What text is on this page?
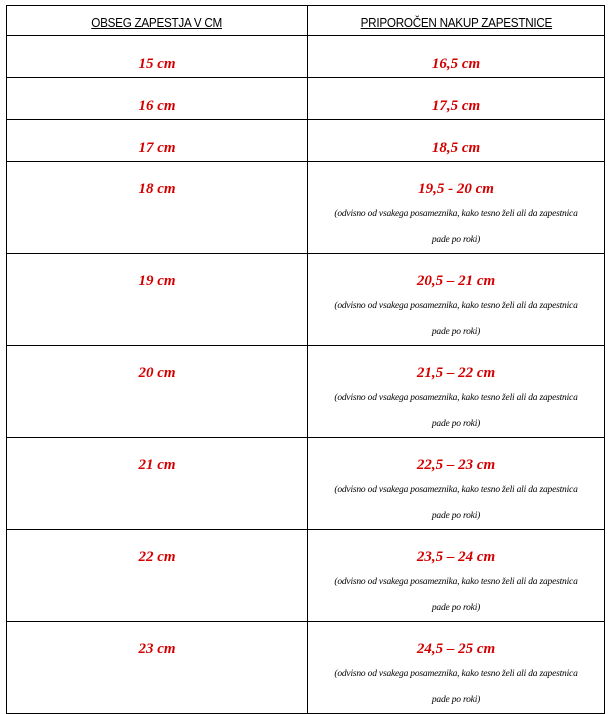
OBSEG ZAPESTJA V CM	PRIPOROČEN NAKUP ZAPESTNICE

15 cm	16,5 cm

16 cm	17,5 cm

17 cm	18,5 cm

18 cm	19,5 - 20 cm
(odvisno od vsakega posameznika, kako tesno želi ali da zapestnica pade po roki)

19 cm	20,5 – 21 cm
(odvisno od vsakega posameznika, kako tesno želi ali da zapestnica pade po roki)

20 cm	21,5 – 22 cm
(odvisno od vsakega posameznika, kako tesno želi ali da zapestnica pade po roki)

21 cm	22,5 – 23 cm
(odvisno od vsakega posameznika, kako tesno želi ali da zapestnica pade po roki)

22 cm	23,5 – 24 cm
(odvisno od vsakega posameznika, kako tesno želi ali da zapestnica pade po roki)

23 cm	24,5 – 25 cm
(odvisno od vsakega posameznika, kako tesno želi ali da zapestnica pade po roki)
